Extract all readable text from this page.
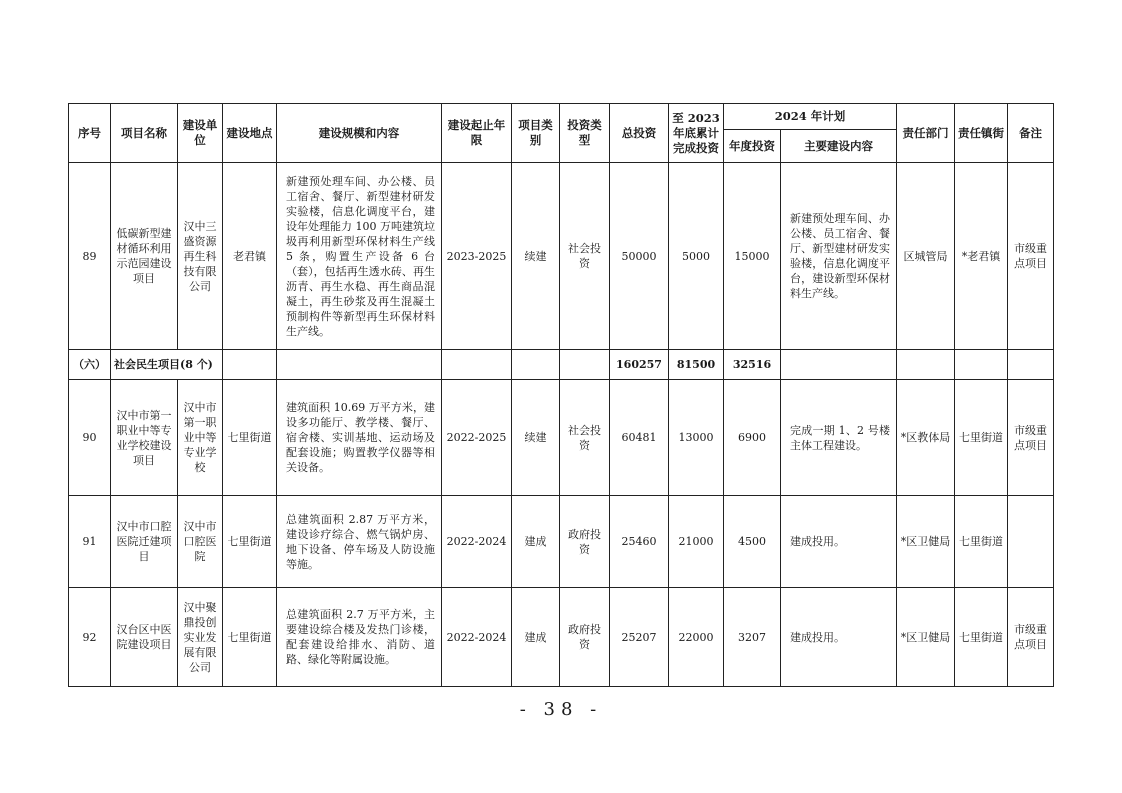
序号	项目名称	建设单位	建设地点	建设规模和内容	建设起止年限	项目类别	投资类型	总投资	至 2023 年底累计完成投资	2024 年计划		责任部门	责任镇街	备注
										年度投资	主要建设内容			
89	低碳新型建材循环利用示范园建设项目	汉中三盛资源再生科技有限公司	老君镇	新建预处理车间、办公楼、员工宿舍、餐厅、新型建材研发实验楼，信息化调度平台，建设年处理能力 100 万吨建筑垃圾再利用新型环保材料生产线 5 条，购置生产设备 6 台（套），包括再生透水砖、再生沥青、再生水稳、再生商品混凝土，再生砂浆及再生混凝土预制构件等新型再生环保材料生产线。	2023-2025	续建	社会投资	50000	5000	15000	新建预处理车间、办公楼、员工宿舍、餐厅、新型建材研发实验楼，信息化调度平台，建设新型环保材料生产线。	区城管局	*老君镇	市级重点项目
（六）	社会民生项目(8 个)							160257	81500	32516				
90	汉中市第一职业中等专业学校建设项目	汉中市第一职业中等专业学校	七里街道	建筑面积 10.69 万平方米，建设多功能厅、教学楼、餐厅、宿舍楼、实训基地、运动场及配套设施；购置教学仪器等相关设备。	2022-2025	续建	社会投资	60481	13000	6900	完成一期 1、2 号楼主体工程建设。	*区教体局	七里街道	市级重点项目
91	汉中市口腔医院迁建项目	汉中市口腔医院	七里街道	总建筑面积 2.87 万平方米，建设诊疗综合、燃气锅炉房、地下设备、停车场及人防设施等施。	2022-2024	建成	政府投资	25460	21000	4500	建成投用。	*区卫健局	七里街道	
92	汉台区中医院建设项目	汉中聚鼎投创实业发展有限公司	七里街道	总建筑面积 2.7 万平方米，主要建设综合楼及发热门诊楼，配套建设给排水、消防、道路、绿化等附属设施。	2022-2024	建成	政府投资	25207	22000	3207	建成投用。	*区卫健局	七里街道	市级重点项目
- 38 -
